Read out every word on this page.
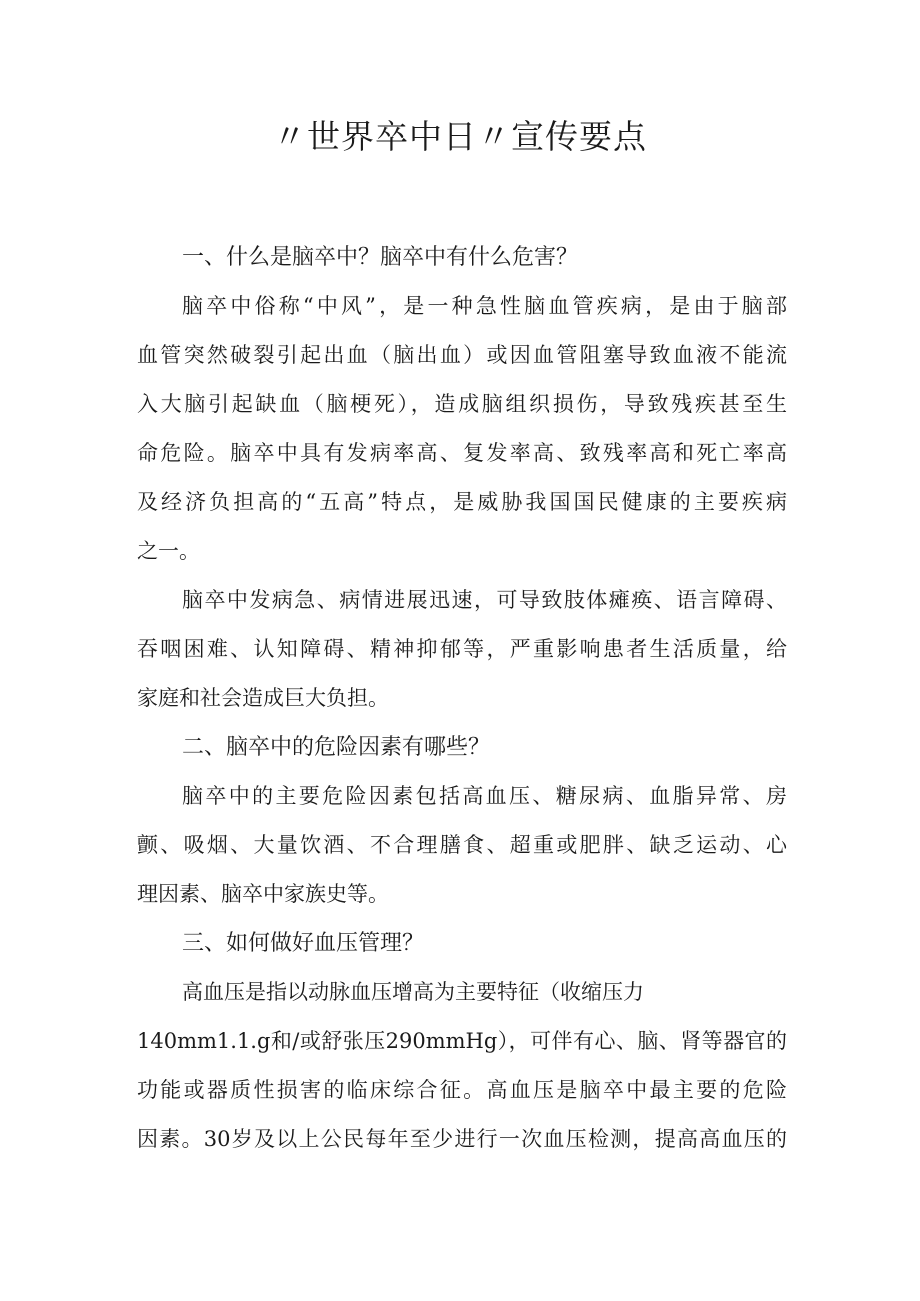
〃世界卒中日〃宣传要点
一、什么是脑卒中？脑卒中有什么危害？
脑卒中俗称“中风”，是一种急性脑血管疾病，是由于脑部
血管突然破裂引起出血（脑出血）或因血管阻塞导致血液不能流
入大脑引起缺血（脑梗死），造成脑组织损伤，导致残疾甚至生
命危险。脑卒中具有发病率高、复发率高、致残率高和死亡率高
及经济负担高的“五高”特点，是威胁我国国民健康的主要疾病
之一。
脑卒中发病急、病情进展迅速，可导致肢体瘫痪、语言障碍、
吞咽困难、认知障碍、精神抑郁等，严重影响患者生活质量，给
家庭和社会造成巨大负担。
二、脑卒中的危险因素有哪些？
脑卒中的主要危险因素包括高血压、糖尿病、血脂异常、房
颤、吸烟、大量饮酒、不合理膳食、超重或肥胖、缺乏运动、心
理因素、脑卒中家族史等。
三、如何做好血压管理？
高血压是指以动脉血压增高为主要特征（收缩压力
140mm1.1.g和/或舒张压290mmHg），可伴有心、脑、肾等器官的
功能或器质性损害的临床综合征。高血压是脑卒中最主要的危险
因素。30岁及以上公民每年至少进行一次血压检测，提高高血压的
